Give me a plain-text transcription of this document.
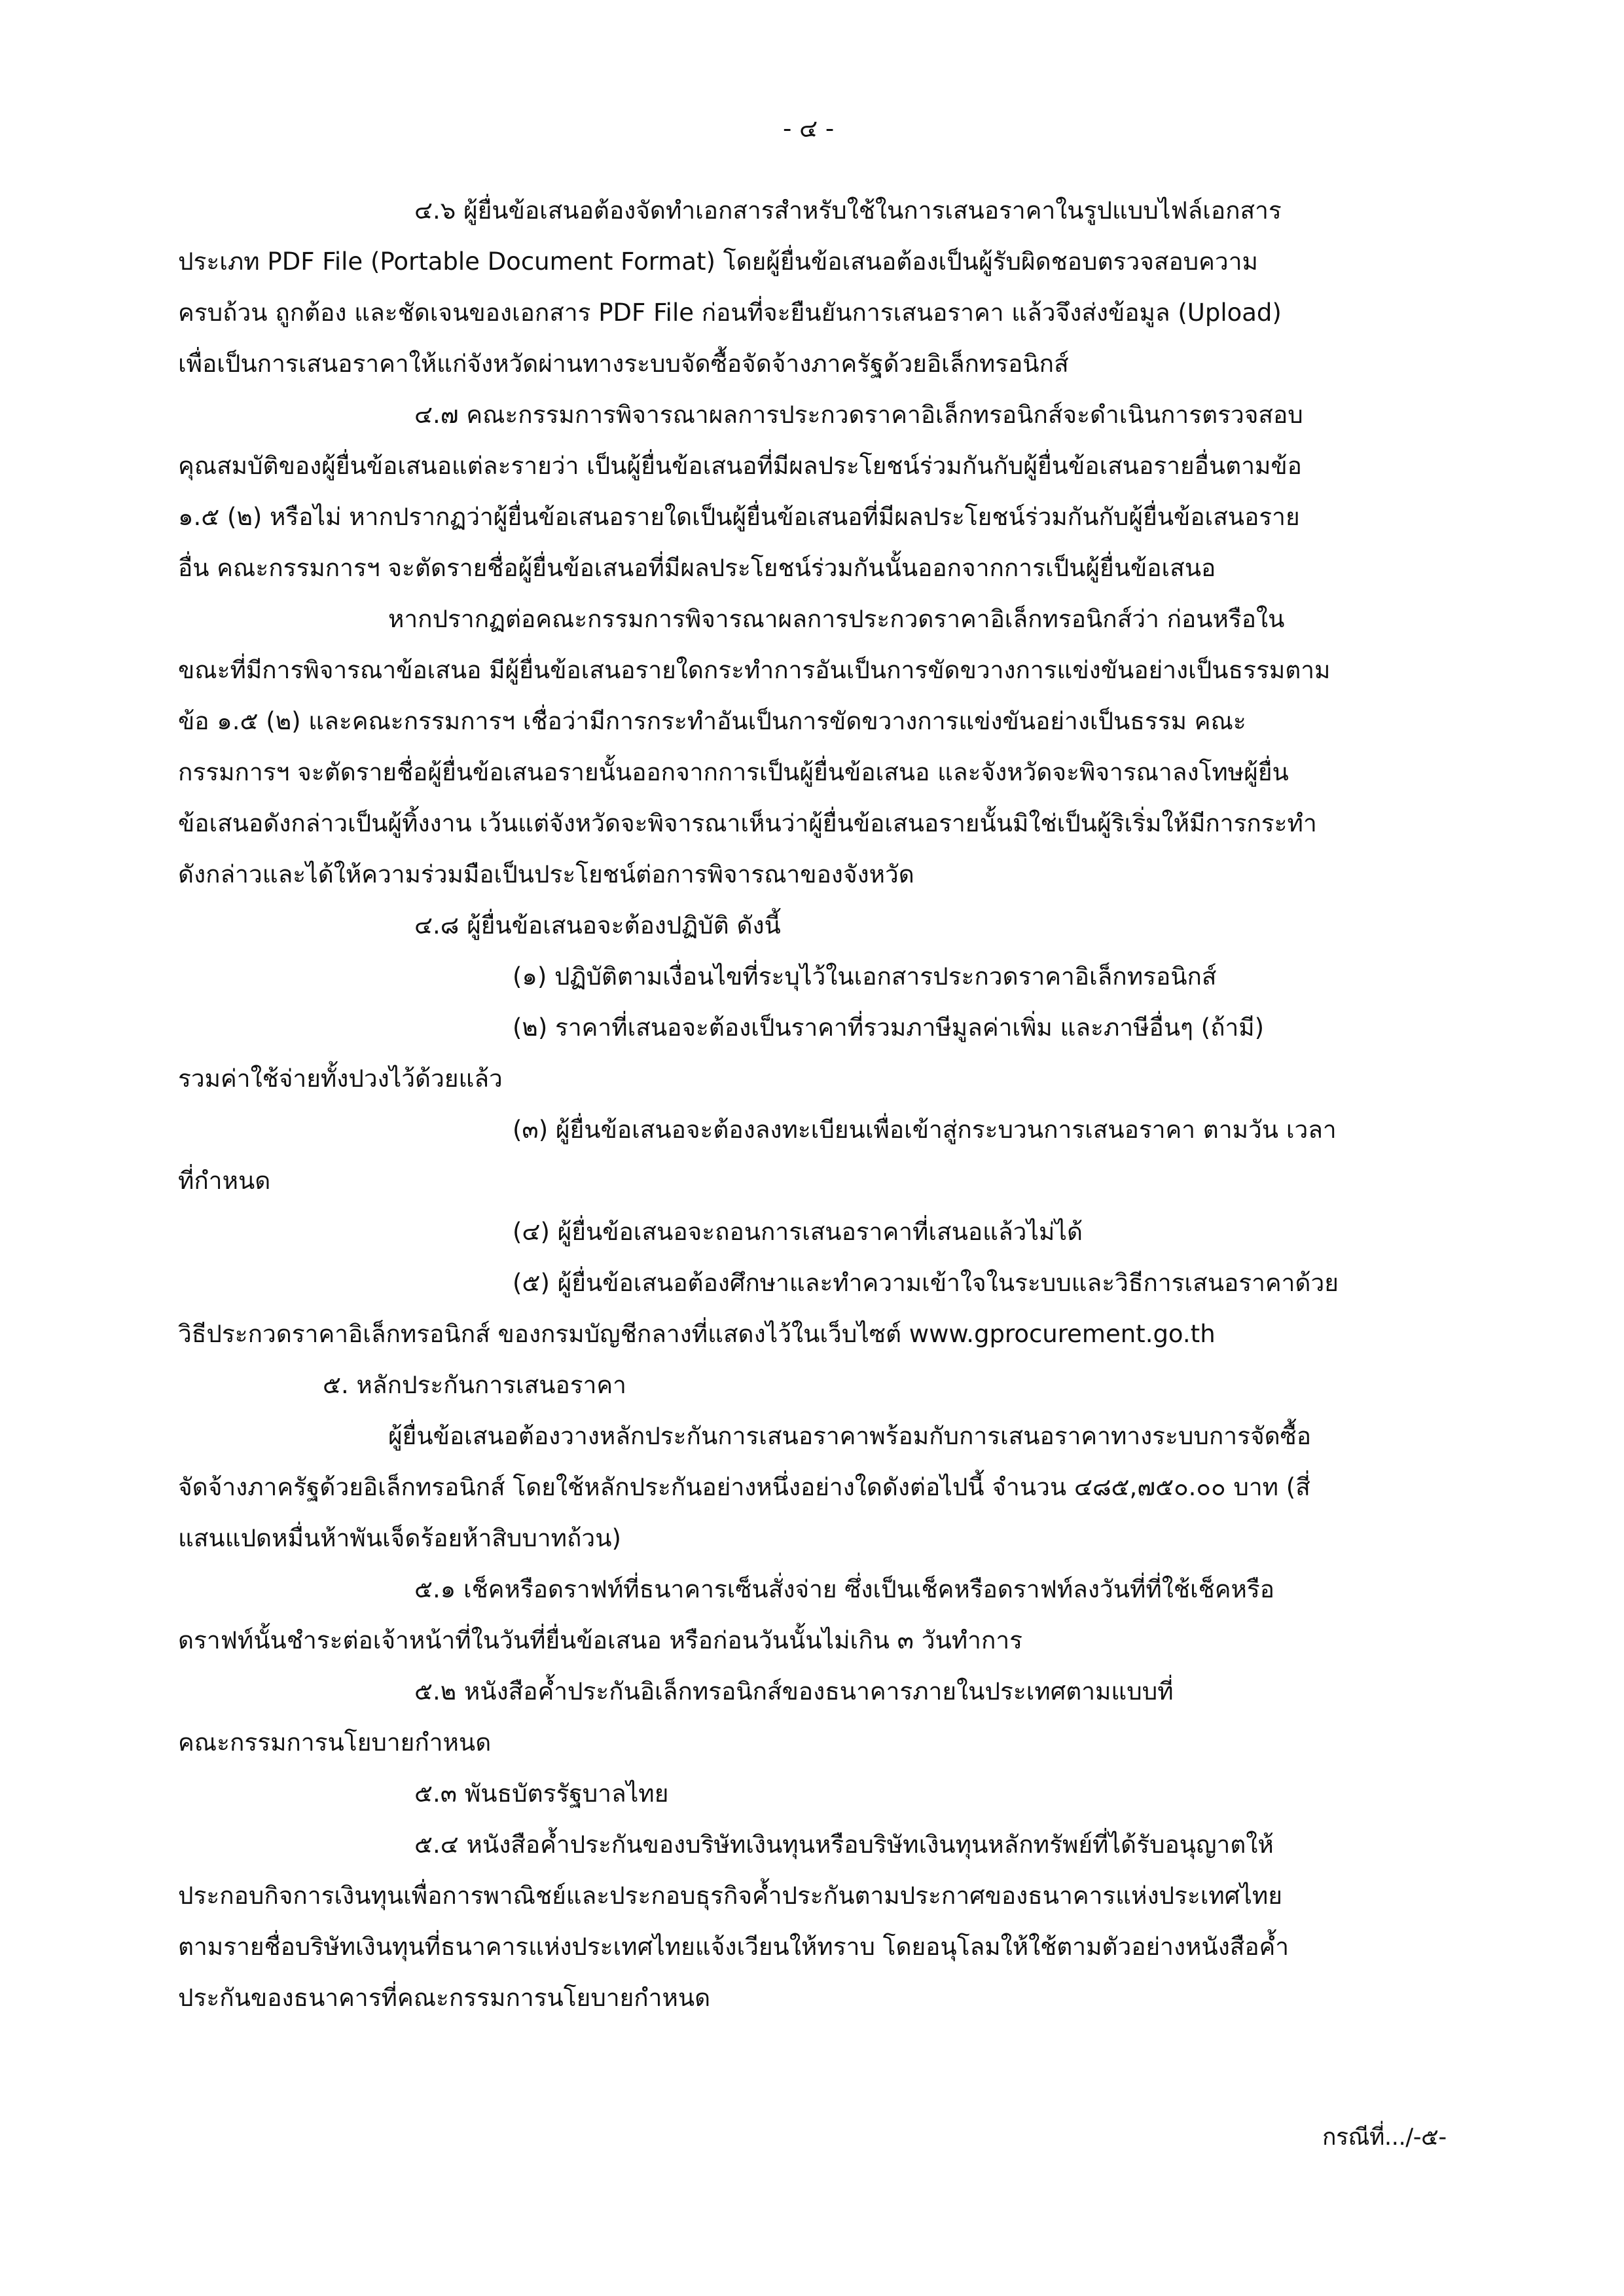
- ๔ -
๔.๖ ผู้ยื่นข้อเสนอต้องจัดทำเอกสารสำหรับใช้ในการเสนอราคาในรูปแบบไฟล์เอกสาร
ประเภท PDF File (Portable Document Format) โดยผู้ยื่นข้อเสนอต้องเป็นผู้รับผิดชอบตรวจสอบความ
ครบถ้วน ถูกต้อง และชัดเจนของเอกสาร PDF File ก่อนที่จะยืนยันการเสนอราคา แล้วจึงส่งข้อมูล (Upload)
เพื่อเป็นการเสนอราคาให้แก่จังหวัดผ่านทางระบบจัดซื้อจัดจ้างภาครัฐด้วยอิเล็กทรอนิกส์
๔.๗ คณะกรรมการพิจารณาผลการประกวดราคาอิเล็กทรอนิกส์จะดำเนินการตรวจสอบ
คุณสมบัติของผู้ยื่นข้อเสนอแต่ละรายว่า เป็นผู้ยื่นข้อเสนอที่มีผลประโยชน์ร่วมกันกับผู้ยื่นข้อเสนอรายอื่นตามข้อ
๑.๕ (๒) หรือไม่ หากปรากฏว่าผู้ยื่นข้อเสนอรายใดเป็นผู้ยื่นข้อเสนอที่มีผลประโยชน์ร่วมกันกับผู้ยื่นข้อเสนอราย
อื่น คณะกรรมการฯ จะตัดรายชื่อผู้ยื่นข้อเสนอที่มีผลประโยชน์ร่วมกันนั้นออกจากการเป็นผู้ยื่นข้อเสนอ
หากปรากฏต่อคณะกรรมการพิจารณาผลการประกวดราคาอิเล็กทรอนิกส์ว่า ก่อนหรือใน
ขณะที่มีการพิจารณาข้อเสนอ มีผู้ยื่นข้อเสนอรายใดกระทำการอันเป็นการขัดขวางการแข่งขันอย่างเป็นธรรมตาม
ข้อ ๑.๕ (๒) และคณะกรรมการฯ เชื่อว่ามีการกระทำอันเป็นการขัดขวางการแข่งขันอย่างเป็นธรรม คณะ
กรรมการฯ จะตัดรายชื่อผู้ยื่นข้อเสนอรายนั้นออกจากการเป็นผู้ยื่นข้อเสนอ และจังหวัดจะพิจารณาลงโทษผู้ยื่น
ข้อเสนอดังกล่าวเป็นผู้ทิ้งงาน เว้นแต่จังหวัดจะพิจารณาเห็นว่าผู้ยื่นข้อเสนอรายนั้นมิใช่เป็นผู้ริเริ่มให้มีการกระทำ
ดังกล่าวและได้ให้ความร่วมมือเป็นประโยชน์ต่อการพิจารณาของจังหวัด
๔.๘ ผู้ยื่นข้อเสนอจะต้องปฏิบัติ ดังนี้
(๑) ปฏิบัติตามเงื่อนไขที่ระบุไว้ในเอกสารประกวดราคาอิเล็กทรอนิกส์
(๒) ราคาที่เสนอจะต้องเป็นราคาที่รวมภาษีมูลค่าเพิ่ม และภาษีอื่นๆ (ถ้ามี)
รวมค่าใช้จ่ายทั้งปวงไว้ด้วยแล้ว
(๓) ผู้ยื่นข้อเสนอจะต้องลงทะเบียนเพื่อเข้าสู่กระบวนการเสนอราคา ตามวัน เวลา
ที่กำหนด
(๔) ผู้ยื่นข้อเสนอจะถอนการเสนอราคาที่เสนอแล้วไม่ได้
(๕) ผู้ยื่นข้อเสนอต้องศึกษาและทำความเข้าใจในระบบและวิธีการเสนอราคาด้วย
วิธีประกวดราคาอิเล็กทรอนิกส์ ของกรมบัญชีกลางที่แสดงไว้ในเว็บไซต์ www.gprocurement.go.th
๕. หลักประกันการเสนอราคา
ผู้ยื่นข้อเสนอต้องวางหลักประกันการเสนอราคาพร้อมกับการเสนอราคาทางระบบการจัดซื้อ
จัดจ้างภาครัฐด้วยอิเล็กทรอนิกส์ โดยใช้หลักประกันอย่างหนึ่งอย่างใดดังต่อไปนี้ จำนวน ๔๘๕,๗๕๐.๐๐ บาท (สี่
แสนแปดหมื่นห้าพันเจ็ดร้อยห้าสิบบาทถ้วน)
๕.๑ เช็คหรือดราฟท์ที่ธนาคารเซ็นสั่งจ่าย ซึ่งเป็นเช็คหรือดราฟท์ลงวันที่ที่ใช้เช็คหรือ
ดราฟท์นั้นชำระต่อเจ้าหน้าที่ในวันที่ยื่นข้อเสนอ หรือก่อนวันนั้นไม่เกิน ๓ วันทำการ
๕.๒ หนังสือค้ำประกันอิเล็กทรอนิกส์ของธนาคารภายในประเทศตามแบบที่
คณะกรรมการนโยบายกำหนด
๕.๓ พันธบัตรรัฐบาลไทย
๕.๔ หนังสือค้ำประกันของบริษัทเงินทุนหรือบริษัทเงินทุนหลักทรัพย์ที่ได้รับอนุญาตให้
ประกอบกิจการเงินทุนเพื่อการพาณิชย์และประกอบธุรกิจค้ำประกันตามประกาศของธนาคารแห่งประเทศไทย
ตามรายชื่อบริษัทเงินทุนที่ธนาคารแห่งประเทศไทยแจ้งเวียนให้ทราบ โดยอนุโลมให้ใช้ตามตัวอย่างหนังสือค้ำ
ประกันของธนาคารที่คณะกรรมการนโยบายกำหนด
กรณีที่.../-๕-
